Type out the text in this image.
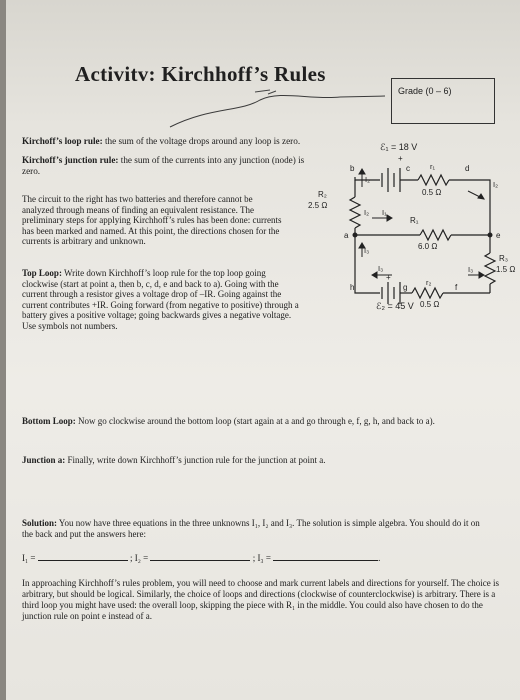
Activitv: Kirchhoff’s Rules
Grade (0 – 6)
Kirchoff’s loop rule: the sum of the voltage drops around any loop is zero.
Kirchoff’s junction rule: the sum of the currents into any junction (node) is zero.
The circuit to the right has two batteries and therefore cannot be analyzed through means of finding an equivalent resistance. The preliminary steps for applying Kirchhoff’s rules has been done: currents has been marked and named. At this point, the directions chosen for the currents is arbitrary and unknown.
Top Loop: Write down Kirchhoff’s loop rule for the top loop going clockwise (start at point a, then b, c, d, e and back to a). Going with the current through a resistor gives a voltage drop of –IR. Going against the current contributes +IR. Going forward (from negative to positive) through a battery gives a positive voltage; going backwards gives a negative voltage. Use symbols not numbers.
ℰ₁ = 18 V
+
b	c	d
r₁
0.5 Ω
I₂
I₂
R₂
2.5 Ω
I₂ I₁
R₁
6.0 Ω
a	e
I₃
I₃	I₃
R₃
1.5 Ω
h
+
g	f
r₂
0.5 Ω
ℰ₂ = 45 V
Bottom Loop: Now go clockwise around the bottom loop (start again at a and go through e, f, g, h, and back to a).
Junction a: Finally, write down Kirchhoff’s junction rule for the junction at point a.
Solution: You now have three equations in the three unknowns I₁, I₂ and I₃. The solution is simple algebra. You should do it on the back and put the answers here:
I₁ =	; I₂ =	; I₃ =	.
In approaching Kirchhoff’s rules problem, you will need to choose and mark current labels and directions for yourself. The choice is arbitrary, but should be logical. Similarly, the choice of loops and directions (clockwise of counterclockwise) is arbitrary. There is a third loop you might have used: the overall loop, skipping the piece with R₁ in the middle. You could also have chosen to do the junction rule on point e instead of a.
